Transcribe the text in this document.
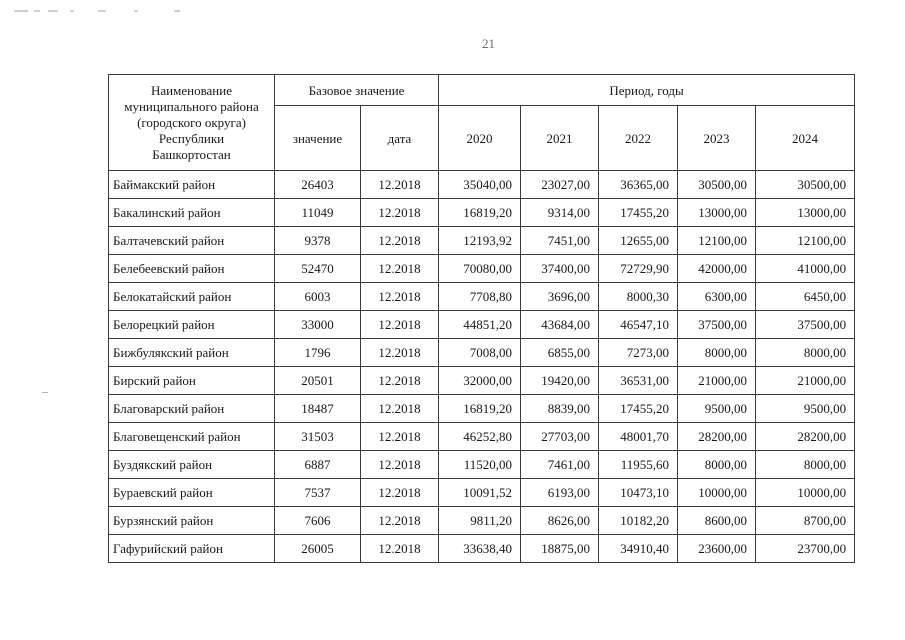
21
Наименование
муниципального района
(городского округа)
Республики
Башкортостан	Базовое значение		Период, годы				
	значение	дата	2020	2021	2022	2023	2024
Баймакский район	26403	12.2018	35040,00	23027,00	36365,00	30500,00	30500,00
Бакалинский район	11049	12.2018	16819,20	9314,00	17455,20	13000,00	13000,00
Балтачевский район	9378	12.2018	12193,92	7451,00	12655,00	12100,00	12100,00
Белебеевский район	52470	12.2018	70080,00	37400,00	72729,90	42000,00	41000,00
Белокатайский район	6003	12.2018	7708,80	3696,00	8000,30	6300,00	6450,00
Белорецкий район	33000	12.2018	44851,20	43684,00	46547,10	37500,00	37500,00
Бижбулякский район	1796	12.2018	7008,00	6855,00	7273,00	8000,00	8000,00
Бирский район	20501	12.2018	32000,00	19420,00	36531,00	21000,00	21000,00
Благоварский район	18487	12.2018	16819,20	8839,00	17455,20	9500,00	9500,00
Благовещенский район	31503	12.2018	46252,80	27703,00	48001,70	28200,00	28200,00
Буздякский район	6887	12.2018	11520,00	7461,00	11955,60	8000,00	8000,00
Бураевский район	7537	12.2018	10091,52	6193,00	10473,10	10000,00	10000,00
Бурзянский район	7606	12.2018	9811,20	8626,00	10182,20	8600,00	8700,00
Гафурийский район	26005	12.2018	33638,40	18875,00	34910,40	23600,00	23700,00
